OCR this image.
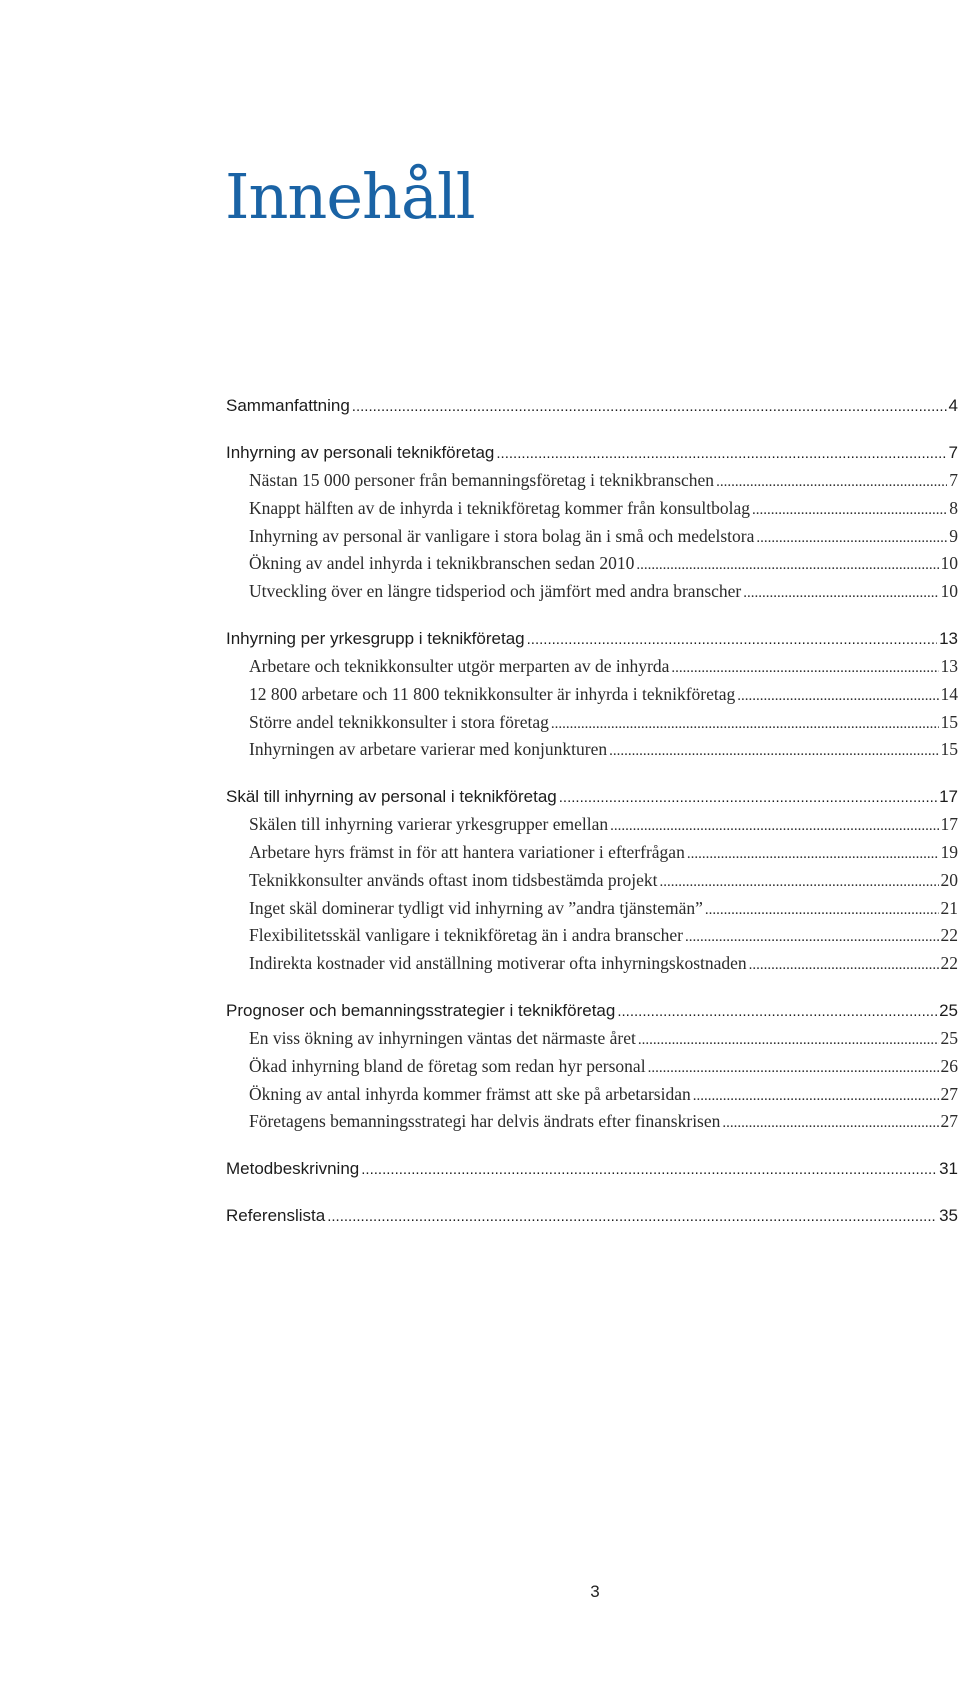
Innehåll
Sammanfattning .....	4
Inhyrning av personali teknikföretag .....	7
Nästan 15 000 personer från bemanningsföretag i teknikbranschen .....	7
Knappt hälften av de inhyrda i teknikföretag kommer från konsultbolag .....	8
Inhyrning av personal är vanligare i stora bolag än i små och medelstora .....	9
Ökning av andel inhyrda i teknikbranschen sedan 2010 .....	10
Utveckling över en längre tidsperiod och jämfört med andra branscher .....	10
Inhyrning per yrkesgrupp i teknikföretag .....	13
Arbetare och teknikkonsulter utgör merparten av de inhyrda .....	13
12 800 arbetare och 11 800 teknikkonsulter är inhyrda i teknikföretag .....	14
Större andel teknikkonsulter i stora företag .....	15
Inhyrningen av arbetare varierar med konjunkturen .....	15
Skäl till inhyrning av personal i teknikföretag .....	17
Skälen till inhyrning varierar yrkesgrupper emellan .....	17
Arbetare hyrs främst in för att hantera variationer i efterfrågan .....	19
Teknikkonsulter används oftast inom tidsbestämda projekt .....	20
Inget skäl dominerar tydligt vid inhyrning av ”andra tjänstemän” .....	21
Flexibilitetsskäl vanligare i teknikföretag än i andra branscher .....	22
Indirekta kostnader vid anställning motiverar ofta inhyrningskostnaden .....	22
Prognoser och bemanningsstrategier i teknikföretag .....	25
En viss ökning av inhyrningen väntas det närmaste året .....	25
Ökad inhyrning bland de företag som redan hyr personal .....	26
Ökning av antal inhyrda kommer främst att ske på arbetarsidan .....	27
Företagens bemanningsstrategi har delvis ändrats efter finanskrisen .....	27
Metodbeskrivning .....	31
Referenslista .....	35
3
